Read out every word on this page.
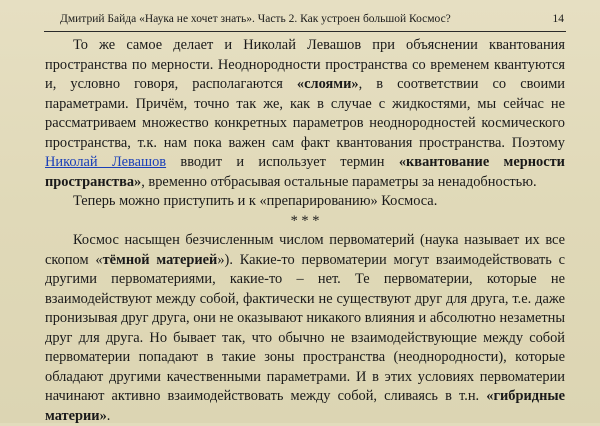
Дмитрий Байда «Наука не хочет знать». Часть 2. Как устроен большой Космос?	14

То же самое делает и Николай Левашов при объяснении квантования пространства по мерности. Неоднородности пространства со временем квантуются и, условно говоря, располагаются «слоями», в соответствии со своими параметрами. Причём, точно так же, как в случае с жидкостями, мы сейчас не рассматриваем множество конкретных параметров неоднородностей космического пространства, т.к. нам пока важен сам факт квантования пространства. Поэтому Николай Левашов вводит и использует термин «квантование мерности пространства», временно отбрасывая остальные параметры за ненадобностью.

Теперь можно приступить и к «препарированию» Космоса.

* * *

Космос насыщен безчисленным числом первоматерий (наука называет их все скопом «тёмной материей»). Какие-то первоматерии могут взаимодействовать с другими первоматериями, какие-то – нет. Те первоматерии, которые не взаимодействуют между собой, фактически не существуют друг для друга, т.е. даже пронизывая друг друга, они не оказывают никакого влияния и абсолютно незаметны друг для друга. Но бывает так, что обычно не взаимодействующие между собой первоматерии попадают в такие зоны пространства (неоднородности), которые обладают другими качественными параметрами. И в этих условиях первоматерии начинают активно взаимодействовать между собой, сливаясь в т.н. «гибридные материи».
